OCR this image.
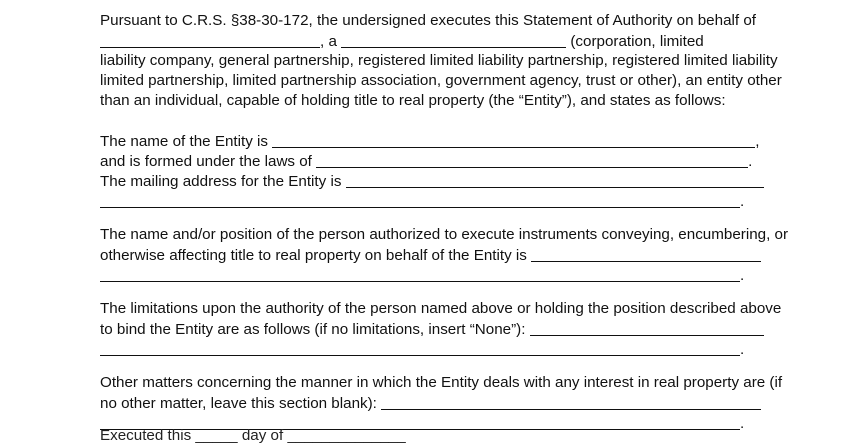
Pursuant to C.R.S. §38-30-172, the undersigned executes this Statement of Authority on behalf of
, a	(corporation, limited
liability company, general partnership, registered limited liability partnership, registered limited liability
limited partnership, limited partnership association, government agency, trust or other), an entity other
than an individual, capable of holding title to real property (the “Entity”), and states as follows:
The name of the Entity is	,
and is formed under the laws of	.
The mailing address for the Entity is
.
The name and/or position of the person authorized to execute instruments conveying, encumbering, or
otherwise affecting title to real property on behalf of the Entity is
.
The limitations upon the authority of the person named above or holding the position described above
to bind the Entity are as follows (if no limitations, insert “None”):
.
Other matters concerning the manner in which the Entity deals with any interest in real property are (if
no other matter, leave this section blank):
.
Executed this _____ day of ______________
